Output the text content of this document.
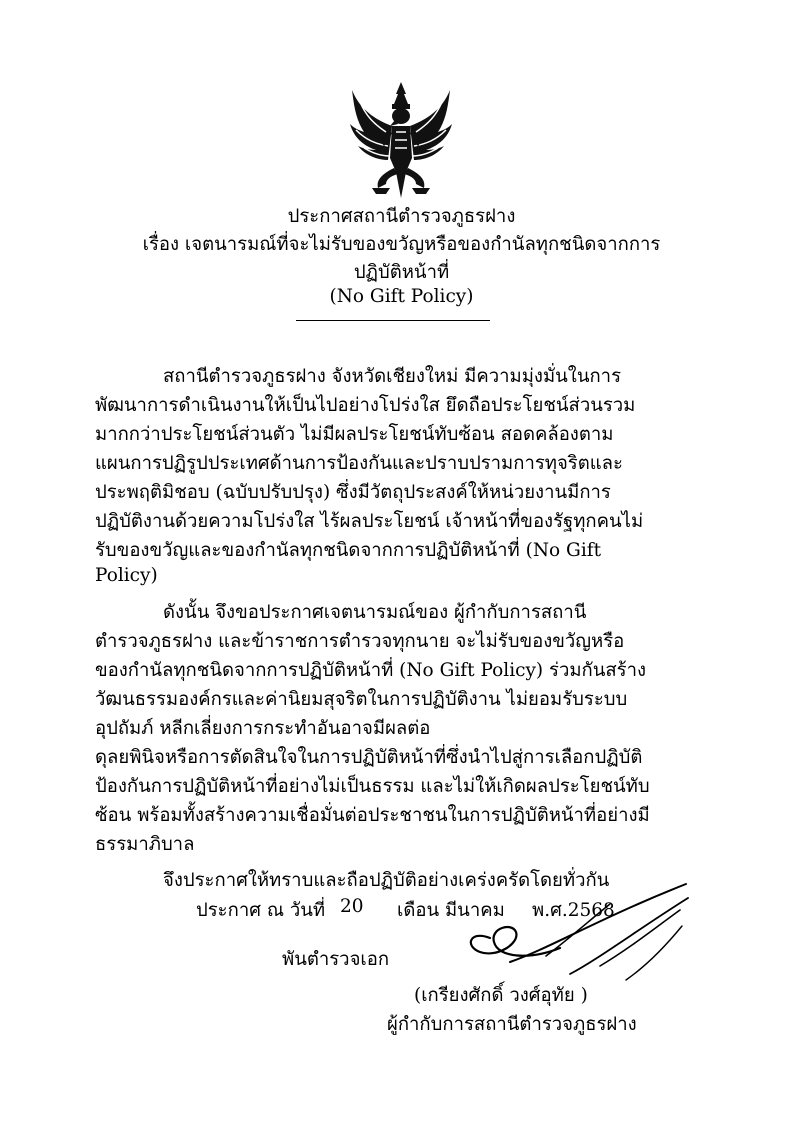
ประกาศสถานีตำรวจภูธรฝาง
เรื่อง เจตนารมณ์ที่จะไม่รับของขวัญหรือของกำนัลทุกชนิดจากการ
ปฏิบัติหน้าที่
(No Gift Policy)
สถานีตำรวจภูธรฝาง จังหวัดเชียงใหม่ มีความมุ่งมั่นในการ
พัฒนาการดำเนินงานให้เป็นไปอย่างโปร่งใส ยึดถือประโยชน์ส่วนรวม
มากกว่าประโยชน์ส่วนตัว ไม่มีผลประโยชน์ทับซ้อน สอดคล้องตาม
แผนการปฏิรูปประเทศด้านการป้องกันและปราบปรามการทุจริตและ
ประพฤติมิชอบ (ฉบับปรับปรุง) ซึ่งมีวัตถุประสงค์ให้หน่วยงานมีการ
ปฏิบัติงานด้วยความโปร่งใส ไร้ผลประโยชน์ เจ้าหน้าที่ของรัฐทุกคนไม่
รับของขวัญและของกำนัลทุกชนิดจากการปฏิบัติหน้าที่ (No Gift
Policy)
ดังนั้น จึงขอประกาศเจตนารมณ์ของ ผู้กำกับการสถานี
ตำรวจภูธรฝาง และข้าราชการตำรวจทุกนาย จะไม่รับของขวัญหรือ
ของกำนัลทุกชนิดจากการปฏิบัติหน้าที่ (No Gift Policy) ร่วมกันสร้าง
วัฒนธรรมองค์กรและค่านิยมสุจริตในการปฏิบัติงาน ไม่ยอมรับระบบ
อุปถัมภ์ หลีกเลี่ยงการกระทำอันอาจมีผลต่อ
ดุลยพินิจหรือการตัดสินใจในการปฏิบัติหน้าที่ซึ่งนำไปสู่การเลือกปฏิบัติ
ป้องกันการปฏิบัติหน้าที่อย่างไม่เป็นธรรม และไม่ให้เกิดผลประโยชน์ทับ
ซ้อน พร้อมทั้งสร้างความเชื่อมั่นต่อประชาชนในการปฏิบัติหน้าที่อย่างมี
ธรรมาภิบาล
จึงประกาศให้ทราบและถือปฏิบัติอย่างเคร่งครัดโดยทั่วกัน
ประกาศ ณ วันที่ 20 เดือน มีนาคม พ.ศ.2568
พันตำรวจเอก
(เกรียงศักดิ์ วงศ์อุทัย )
ผู้กำกับการสถานีตำรวจภูธรฝาง
